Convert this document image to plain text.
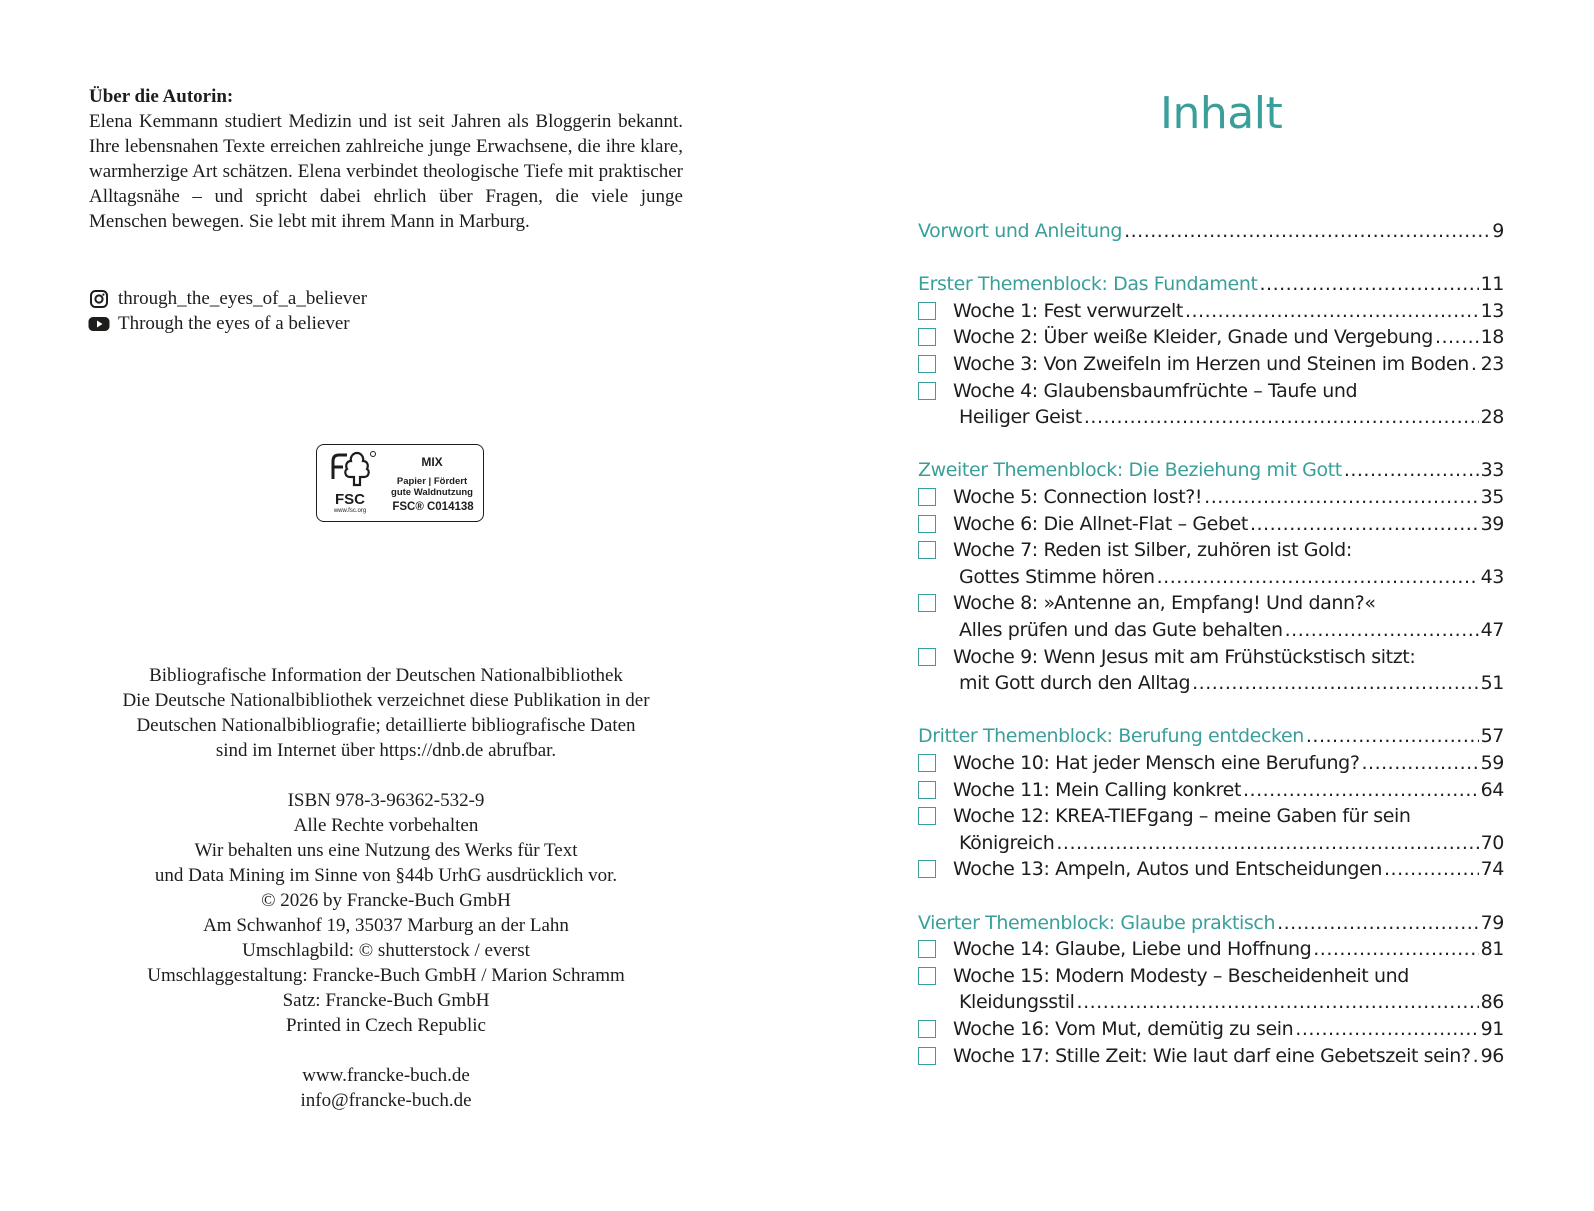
Über die Autorin:
Elena Kemmann studiert Medizin und ist seit Jahren als Bloggerin bekannt. Ihre lebensnahen Texte erreichen zahlreiche junge Erwachsene, die ihre klare, warmherzige Art schätzen. Elena verbindet theologische Tiefe mit praktischer Alltagsnähe – und spricht dabei ehrlich über Fragen, die viele junge Menschen bewegen. Sie lebt mit ihrem Mann in Marburg.
through_the_eyes_of_a_believer
Through the eyes of a believer
FSC
www.fsc.org
MIX
Papier | Fördert gute Waldnutzung
FSC® C014138
Bibliografische Information der Deutschen Nationalbibliothek
Die Deutsche Nationalbibliothek verzeichnet diese Publikation in der
Deutschen Nationalbibliografie; detaillierte bibliografische Daten
sind im Internet über https://dnb.de abrufbar.
ISBN 978-3-96362-532-9
Alle Rechte vorbehalten
Wir behalten uns eine Nutzung des Werks für Text
und Data Mining im Sinne von §44b UrhG ausdrücklich vor.
© 2026 by Francke-Buch GmbH
Am Schwanhof 19, 35037 Marburg an der Lahn
Umschlagbild: © shutterstock / everst
Umschlaggestaltung: Francke-Buch GmbH / Marion Schramm
Satz: Francke-Buch GmbH
Printed in Czech Republic
www.francke-buch.de
info@francke-buch.de
Inhalt
Vorwort und Anleitung .....	9
Erster Themenblock: Das Fundament .....	11
Woche 1: Fest verwurzelt .....	13
Woche 2: Über weiße Kleider, Gnade und Vergebung .....	18
Woche 3: Von Zweifeln im Herzen und Steinen im Boden ..... 23
Woche 4: Glaubensbaumfrüchte – Taufe und
Heiliger Geist .....	28
Zweiter Themenblock: Die Beziehung mit Gott .....	33
Woche 5: Connection lost?! .....	35
Woche 6: Die Allnet-Flat – Gebet .....	39
Woche 7: Reden ist Silber, zuhören ist Gold:
Gottes Stimme hören .....	43
Woche 8: »Antenne an, Empfang! Und dann?«
Alles prüfen und das Gute behalten .....	47
Woche 9: Wenn Jesus mit am Frühstückstisch sitzt:
mit Gott durch den Alltag .....	51
Dritter Themenblock: Berufung entdecken .....	57
Woche 10: Hat jeder Mensch eine Berufung? .....	59
Woche 11: Mein Calling konkret .....	64
Woche 12: KREA-TIEFgang – meine Gaben für sein
Königreich .....	70
Woche 13: Ampeln, Autos und Entscheidungen .....	74
Vierter Themenblock: Glaube praktisch .....	79
Woche 14: Glaube, Liebe und Hoffnung .....	81
Woche 15: Modern Modesty – Bescheidenheit und
Kleidungsstil .....	86
Woche 16: Vom Mut, demütig zu sein .....	91
Woche 17: Stille Zeit: Wie laut darf eine Gebetszeit sein? ..... 96
